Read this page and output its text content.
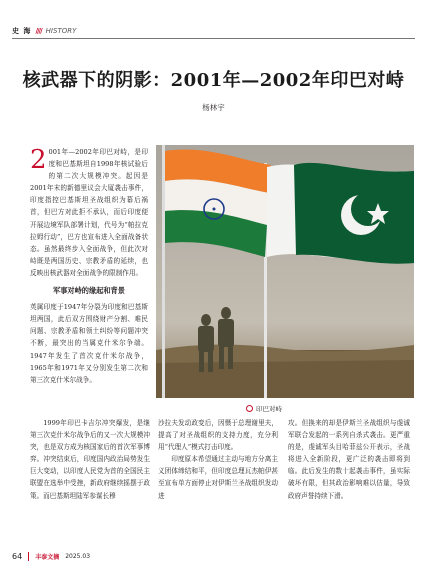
史 海 //// HISTORY
核武器下的阴影：2001年—2002年印巴对峙
杨林宇

2 001年—2002年印巴对峙，是印度和巴基斯坦自1998年核试验后的第二次大规模冲突。起因是2001年末的新德里议会大厦袭击事件，印度指控巴基斯坦圣战组织为幕后祸首，但巴方对此拒不承认，而后印度便开展边境军队部署计划，代号为“帕拉克拉姆行动”，巴方也宣布进入全面战备状态。虽然最终步入全面战争，但此次对峙既是两国历史、宗教矛盾的延续，也反映出核武器对全面战争的限制作用。

军事对峙的缘起和背景

英属印度于1947年分裂为印度和巴基斯坦两国，此后双方围绕财产分割、难民问题、宗教矛盾和领土纠纷等问题冲突不断，最突出的当属克什米尔争端。1947年发生了首次克什米尔战争，1965年和1971年又分别发生第二次和第三次克什米尔战争。

1999年印巴卡吉尔冲突爆发，是继第三次克什米尔战争后的又一次大规模冲突，也是双方成为核国家后的首次军事博弈。冲突结束后，印度国内政治局势发生巨大变动，以印度人民党为首的全国民主联盟在选举中受挫，新政府继续摇摆于政策。而巴基斯坦陆军参谋长穆

沙拉夫发动政变后，因慑于总理谢里夫，提高了对圣战组织的支持力度，充分利用“代理人”模式打击印度。

印度原本希望通过主动与地方分离主义团体缔结和平，但印度总理瓦杰帕伊甚至宣布单方面停止对伊斯兰圣战组织发动进

攻。但换来的却是伊斯兰圣战组织与虔诚军联合发起的一系列自杀式袭击。更严重的是，虔诚军头目哈菲兹公开表示，圣战将进入全新阶段，更广泛的袭击即将到临。此后发生的数十起袭击事件，虽实际破坏有限，但其政治影响难以估量，导致政府声誉持续下滑。

印巴对峙
64 丰泰文摘 2025.03
